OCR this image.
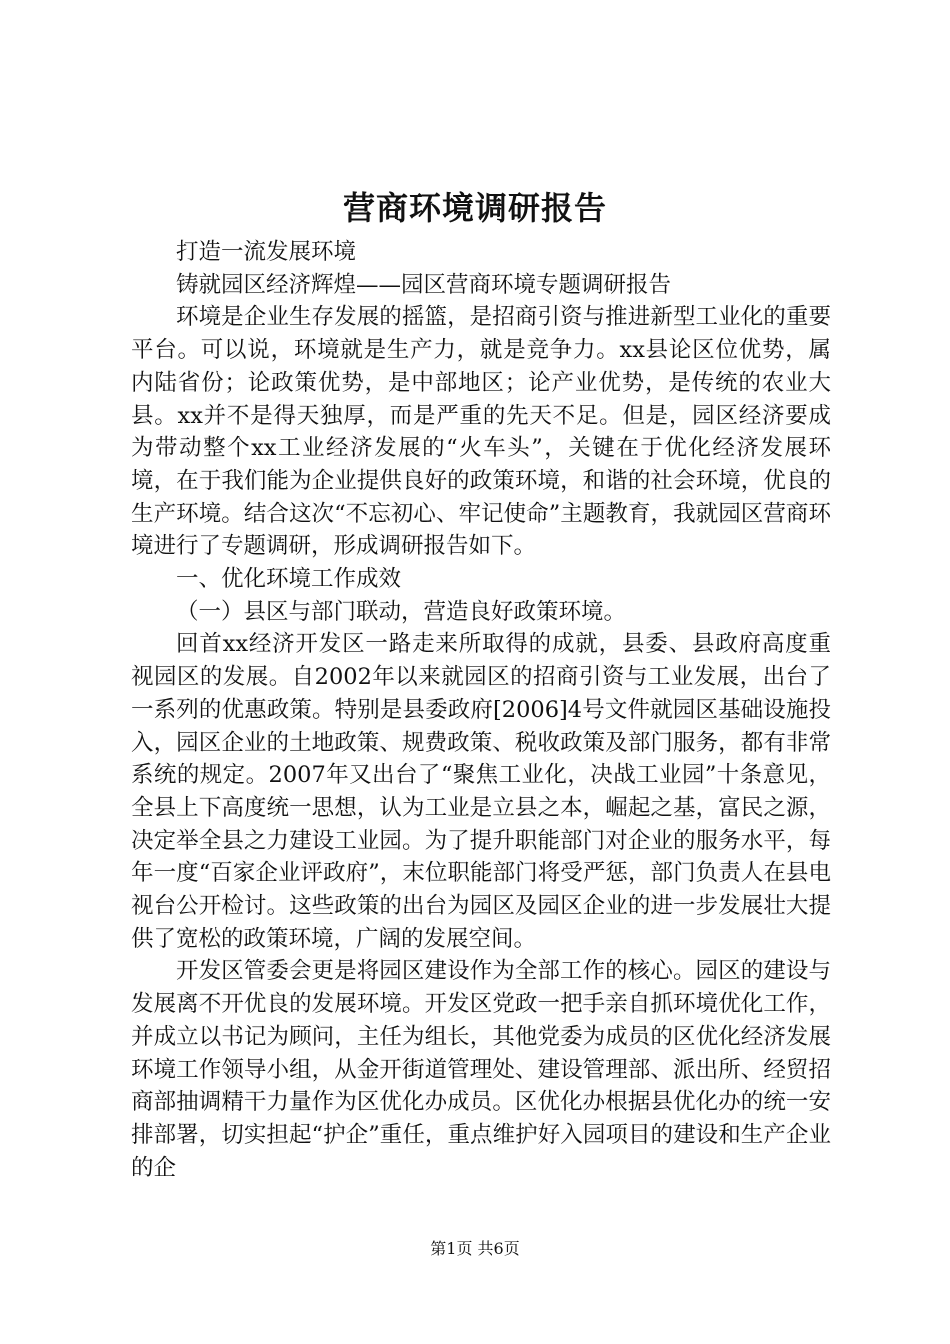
营商环境调研报告

打造一流发展环境

铸就园区经济辉煌——园区营商环境专题调研报告

环境是企业生存发展的摇篮，是招商引资与推进新型工业化的重要平台。可以说，环境就是生产力，就是竞争力。xx县论区位优势，属内陆省份；论政策优势，是中部地区；论产业优势，是传统的农业大县。xx并不是得天独厚，而是严重的先天不足。但是，园区经济要成为带动整个xx工业经济发展的“火车头”，关键在于优化经济发展环境，在于我们能为企业提供良好的政策环境，和谐的社会环境，优良的生产环境。结合这次“不忘初心、牢记使命”主题教育，我就园区营商环境进行了专题调研，形成调研报告如下。

一、优化环境工作成效

（一）县区与部门联动，营造良好政策环境。

回首xx经济开发区一路走来所取得的成就，县委、县政府高度重视园区的发展。自2002年以来就园区的招商引资与工业发展，出台了一系列的优惠政策。特别是县委政府[2006]4号文件就园区基础设施投入，园区企业的土地政策、规费政策、税收政策及部门服务，都有非常系统的规定。2007年又出台了“聚焦工业化，决战工业园”十条意见，全县上下高度统一思想，认为工业是立县之本，崛起之基，富民之源，决定举全县之力建设工业园。为了提升职能部门对企业的服务水平，每年一度“百家企业评政府”，末位职能部门将受严惩，部门负责人在县电视台公开检讨。这些政策的出台为园区及园区企业的进一步发展壮大提供了宽松的政策环境，广阔的发展空间。

开发区管委会更是将园区建设作为全部工作的核心。园区的建设与发展离不开优良的发展环境。开发区党政一把手亲自抓环境优化工作，并成立以书记为顾问，主任为组长，其他党委为成员的区优化经济发展环境工作领导小组，从金开街道管理处、建设管理部、派出所、经贸招商部抽调精干力量作为区优化办成员。区优化办根据县优化办的统一安排部署，切实担起“护企”重任，重点维护好入园项目的建设和生产企业的企

第1页 共6页
